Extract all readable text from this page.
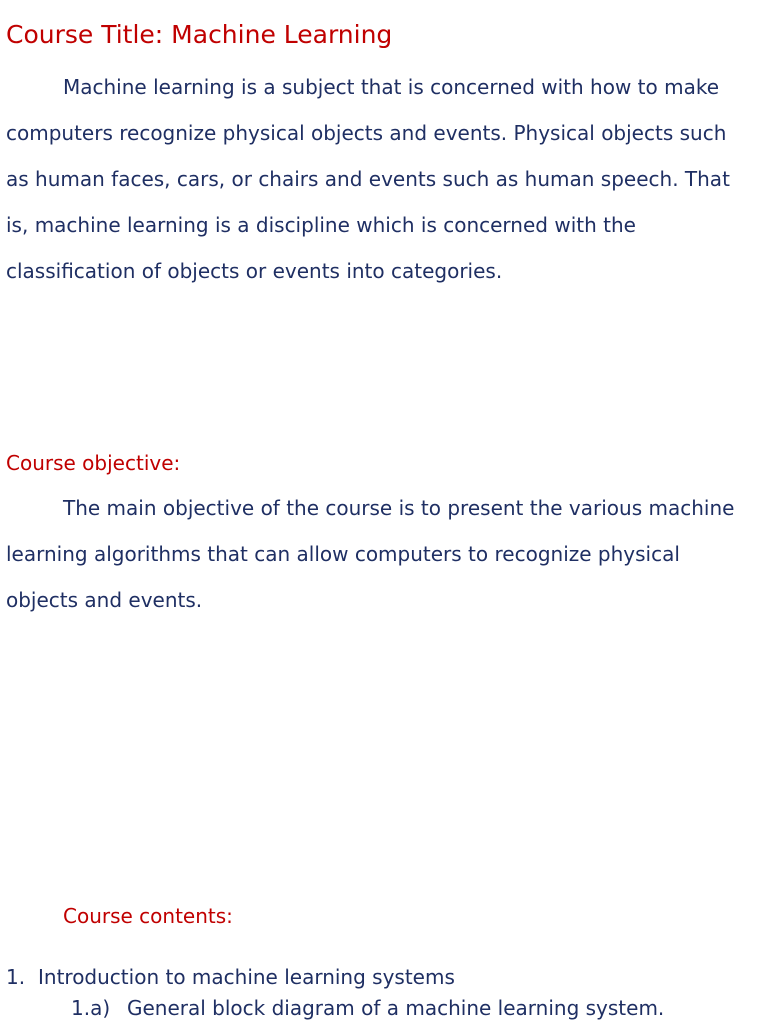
Course Title: Machine Learning
Machine learning is a subject that is concerned with how to make
computers recognize physical objects and events. Physical objects such
as human faces, cars, or chairs and events such as human speech. That
is, machine learning is a discipline which is concerned with the
classification of objects or events into categories.
Course objective:
The main objective of the course is to present the various machine
learning algorithms that can allow computers to recognize physical
objects and events.
Course contents:
1. Introduction to machine learning systems
1.a) General block diagram of a machine learning system.
